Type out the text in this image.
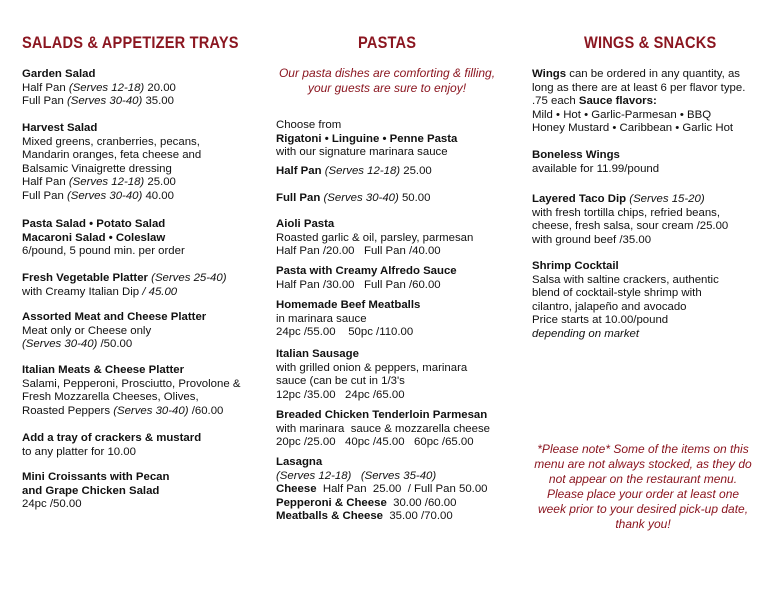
SALADS & APPETIZER TRAYS
Garden Salad
Half Pan (Serves 12-18) 20.00
Full Pan (Serves 30-40) 35.00
Harvest Salad
Mixed greens, cranberries, pecans, Mandarin oranges, feta cheese and Balsamic Vinaigrette dressing
Half Pan (Serves 12-18) 25.00
Full Pan (Serves 30-40) 40.00
Pasta Salad • Potato Salad
Macaroni Salad • Coleslaw
6/pound, 5 pound min. per order
Fresh Vegetable Platter (Serves 25-40)
with Creamy Italian Dip / 45.00
Assorted Meat and Cheese Platter
Meat only or Cheese only
(Serves 30-40) /50.00
Italian Meats & Cheese Platter
Salami, Pepperoni, Prosciutto, Provolone & Fresh Mozzarella Cheeses, Olives, Roasted Peppers (Serves 30-40) /60.00
Add a tray of crackers & mustard
to any platter for 10.00
Mini Croissants with Pecan
and Grape Chicken Salad
24pc /50.00
PASTAS
Our pasta dishes are comforting & filling, your guests are sure to enjoy!
Choose from
Rigatoni • Linguine • Penne Pasta
with our signature marinara sauce
Half Pan (Serves 12-18) 25.00
Full Pan (Serves 30-40) 50.00
Aioli Pasta
Roasted garlic & oil, parsley, parmesan
Half Pan /20.00   Full Pan /40.00
Pasta with Creamy Alfredo Sauce
Half Pan /30.00   Full Pan /60.00
Homemade Beef Meatballs
in marinara sauce
24pc /55.00    50pc /110.00
Italian Sausage
with grilled onion & peppers, marinara sauce (can be cut in 1/3's
12pc /35.00   24pc /65.00
Breaded Chicken Tenderloin Parmesan
with marinara  sauce & mozzarella cheese
20pc /25.00   40pc /45.00   60pc /65.00
Lasagna
(Serves 12-18)   (Serves 35-40)
Cheese  Half Pan  25.00  / Full Pan 50.00
Pepperoni & Cheese  30.00 /60.00
Meatballs & Cheese  35.00 /70.00
WINGS & SNACKS
Wings can be ordered in any quantity, as long as there are at least 6 per flavor type. .75 each Sauce flavors:
Mild • Hot • Garlic-Parmesan • BBQ
Honey Mustard • Caribbean • Garlic Hot
Boneless Wings
available for 11.99/pound
Layered Taco Dip (Serves 15-20)
with fresh tortilla chips, refried beans, cheese, fresh salsa, sour cream /25.00
with ground beef /35.00
Shrimp Cocktail
Salsa with saltine crackers, authentic blend of cocktail-style shrimp with cilantro, jalapeño and avocado
Price starts at 10.00/pound
depending on market
*Please note* Some of the items on this menu are not always stocked, as they do not appear on the restaurant menu. Please place your order at least one week prior to your desired pick-up date, thank you!
